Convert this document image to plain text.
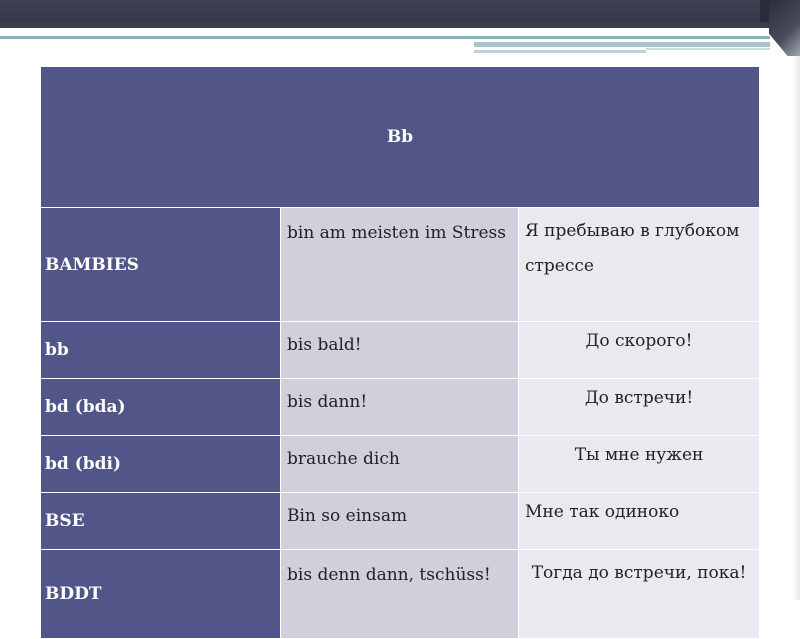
Bb		
BAMBIES	bin am meisten im Stress	Я пребываю в глубоком стрессе
bb	bis bald!	До скорого!
bd (bda)	bis dann!	До встречи!
bd (bdi)	brauche dich	Ты мне нужен
BSE	Bin so einsam	Мне так одиноко
BDDT	bis denn dann, tschüss!	Тогда до встречи, пока!
